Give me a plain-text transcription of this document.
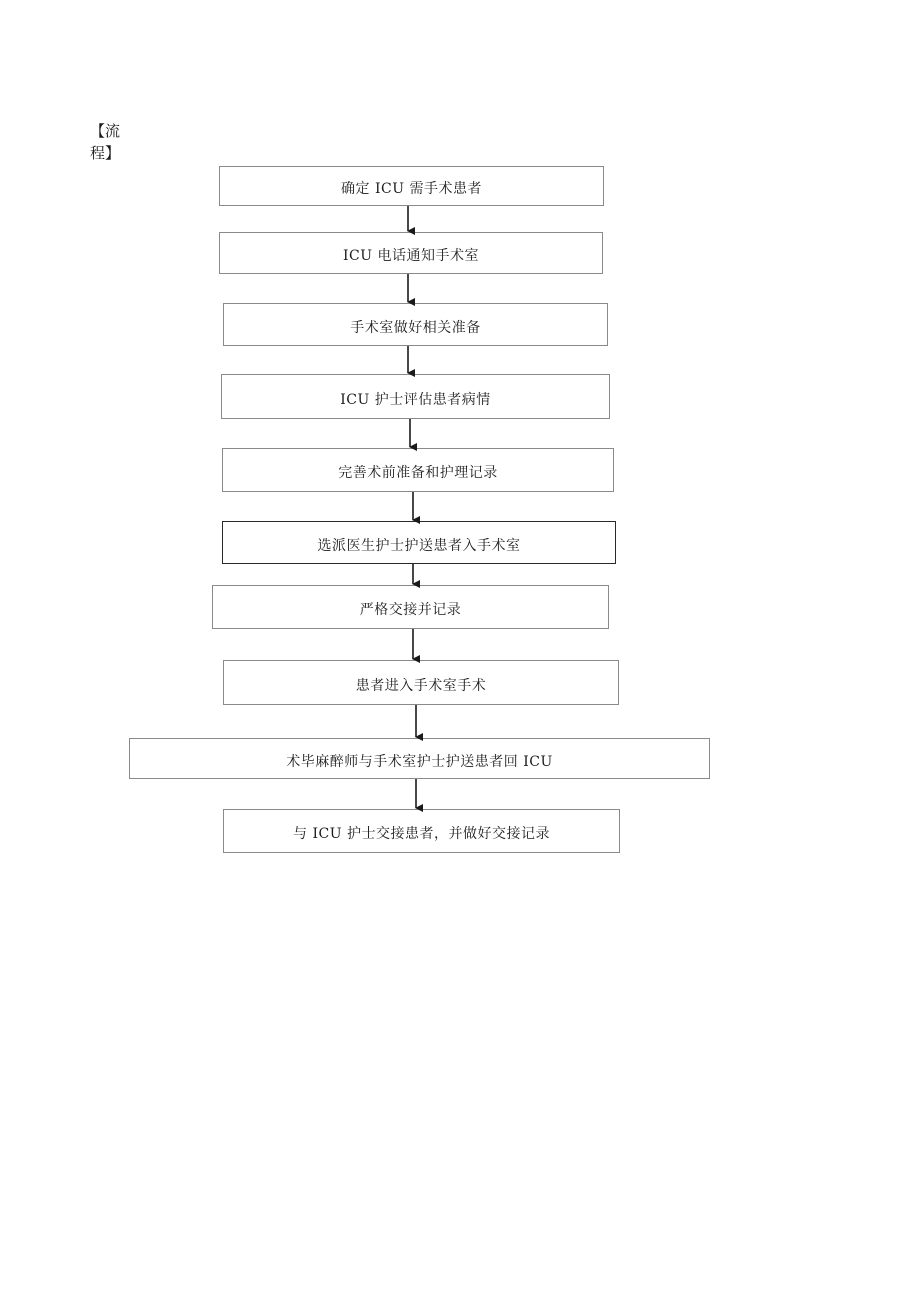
【流
程】
确定 ICU 需手术患者
ICU 电话通知手术室
手术室做好相关准备
ICU 护士评估患者病情
完善术前准备和护理记录
选派医生护士护送患者入手术室
严格交接并记录
患者进入手术室手术
术毕麻醉师与手术室护士护送患者回 ICU
与 ICU 护士交接患者，并做好交接记录
